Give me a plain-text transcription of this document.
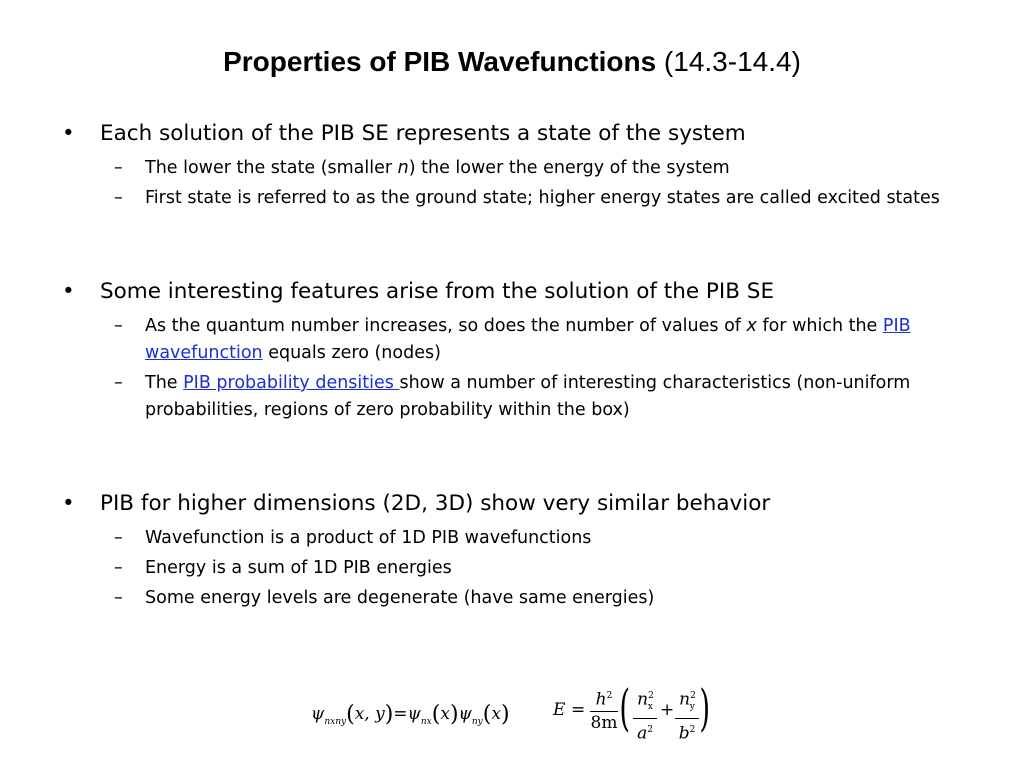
Properties of PIB Wavefunctions (14.3-14.4)
• Each solution of the PIB SE represents a state of the system
– The lower the state (smaller n) the lower the energy of the system
– First state is referred to as the ground state; higher energy states are called excited states
• Some interesting features arise from the solution of the PIB SE
– As the quantum number increases, so does the number of values of x for which the PIB wavefunction equals zero (nodes)
– The PIB probability densities show a number of interesting characteristics (non-uniform probabilities, regions of zero probability within the box)
• PIB for higher dimensions (2D, 3D) show very similar behavior
– Wavefunction is a product of 1D PIB wavefunctions
– Energy is a sum of 1D PIB energies
– Some energy levels are degenerate (have same energies)
$\psi_{nxny}(x$, $y)=\psi_{nx}(x)\psi_{ny}(x)$	E =
$h^2$
8m ( $n^2_x$
$a^2$
+
$n^2_y$
$b^2$ )
